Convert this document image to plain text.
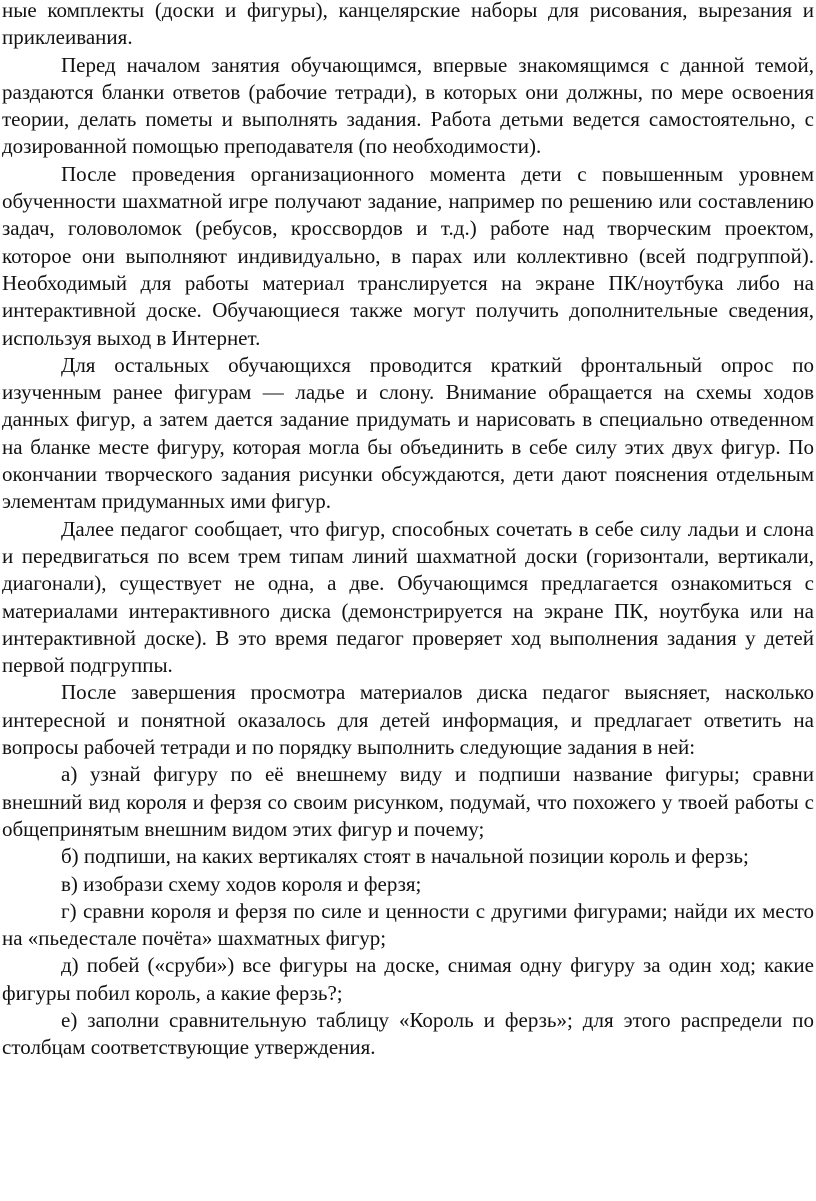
ные комплекты (доски и фигуры), канцелярские наборы для рисования, вырезания и приклеивания.

Перед началом занятия обучающимся, впервые знакомящимся с данной темой, раздаются бланки ответов (рабочие тетради), в которых они должны, по мере освоения теории, делать пометы и выполнять задания. Работа детьми ведется самостоятельно, с дозированной помощью преподавателя (по необходимости).

После проведения организационного момента дети с повышенным уровнем обученности шахматной игре получают задание, например по решению или составлению задач, головоломок (ребусов, кроссвордов и т.д.) работе над творческим проектом, которое они выполняют индивидуально, в парах или коллективно (всей подгруппой). Необходимый для работы материал транслируется на экране ПК/ноутбука либо на интерактивной доске. Обучающиеся также могут получить дополнительные сведения, используя выход в Интернет.

Для остальных обучающихся проводится краткий фронтальный опрос по изученным ранее фигурам — ладье и слону. Внимание обращается на схемы ходов данных фигур, а затем дается задание придумать и нарисовать в специально отведенном на бланке месте фигуру, которая могла бы объединить в себе силу этих двух фигур. По окончании творческого задания рисунки обсуждаются, дети дают пояснения отдельным элементам придуманных ими фигур.

Далее педагог сообщает, что фигур, способных сочетать в себе силу ладьи и слона и передвигаться по всем трем типам линий шахматной доски (горизонтали, вертикали, диагонали), существует не одна, а две. Обучающимся предлагается ознакомиться с материалами интерактивного диска (демонстрируется на экране ПК, ноутбука или на интерактивной доске). В это время педагог проверяет ход выполнения задания у детей первой подгруппы.

После завершения просмотра материалов диска педагог выясняет, насколько интересной и понятной оказалось для детей информация, и предлагает ответить на вопросы рабочей тетради и по порядку выполнить следующие задания в ней:

а) узнай фигуру по её внешнему виду и подпиши название фигуры; сравни внешний вид короля и ферзя со своим рисунком, подумай, что похожего у твоей работы с общепринятым внешним видом этих фигур и почему;

б) подпиши, на каких вертикалях стоят в начальной позиции король и ферзь;

в) изобрази схему ходов короля и ферзя;

г) сравни короля и ферзя по силе и ценности с другими фигурами; найди их место на «пьедестале почёта» шахматных фигур;

д) побей («сруби») все фигуры на доске, снимая одну фигуру за один ход; какие фигуры побил король, а какие ферзь?;

е) заполни сравнительную таблицу «Король и ферзь»; для этого распредели по столбцам соответствующие утверждения.
